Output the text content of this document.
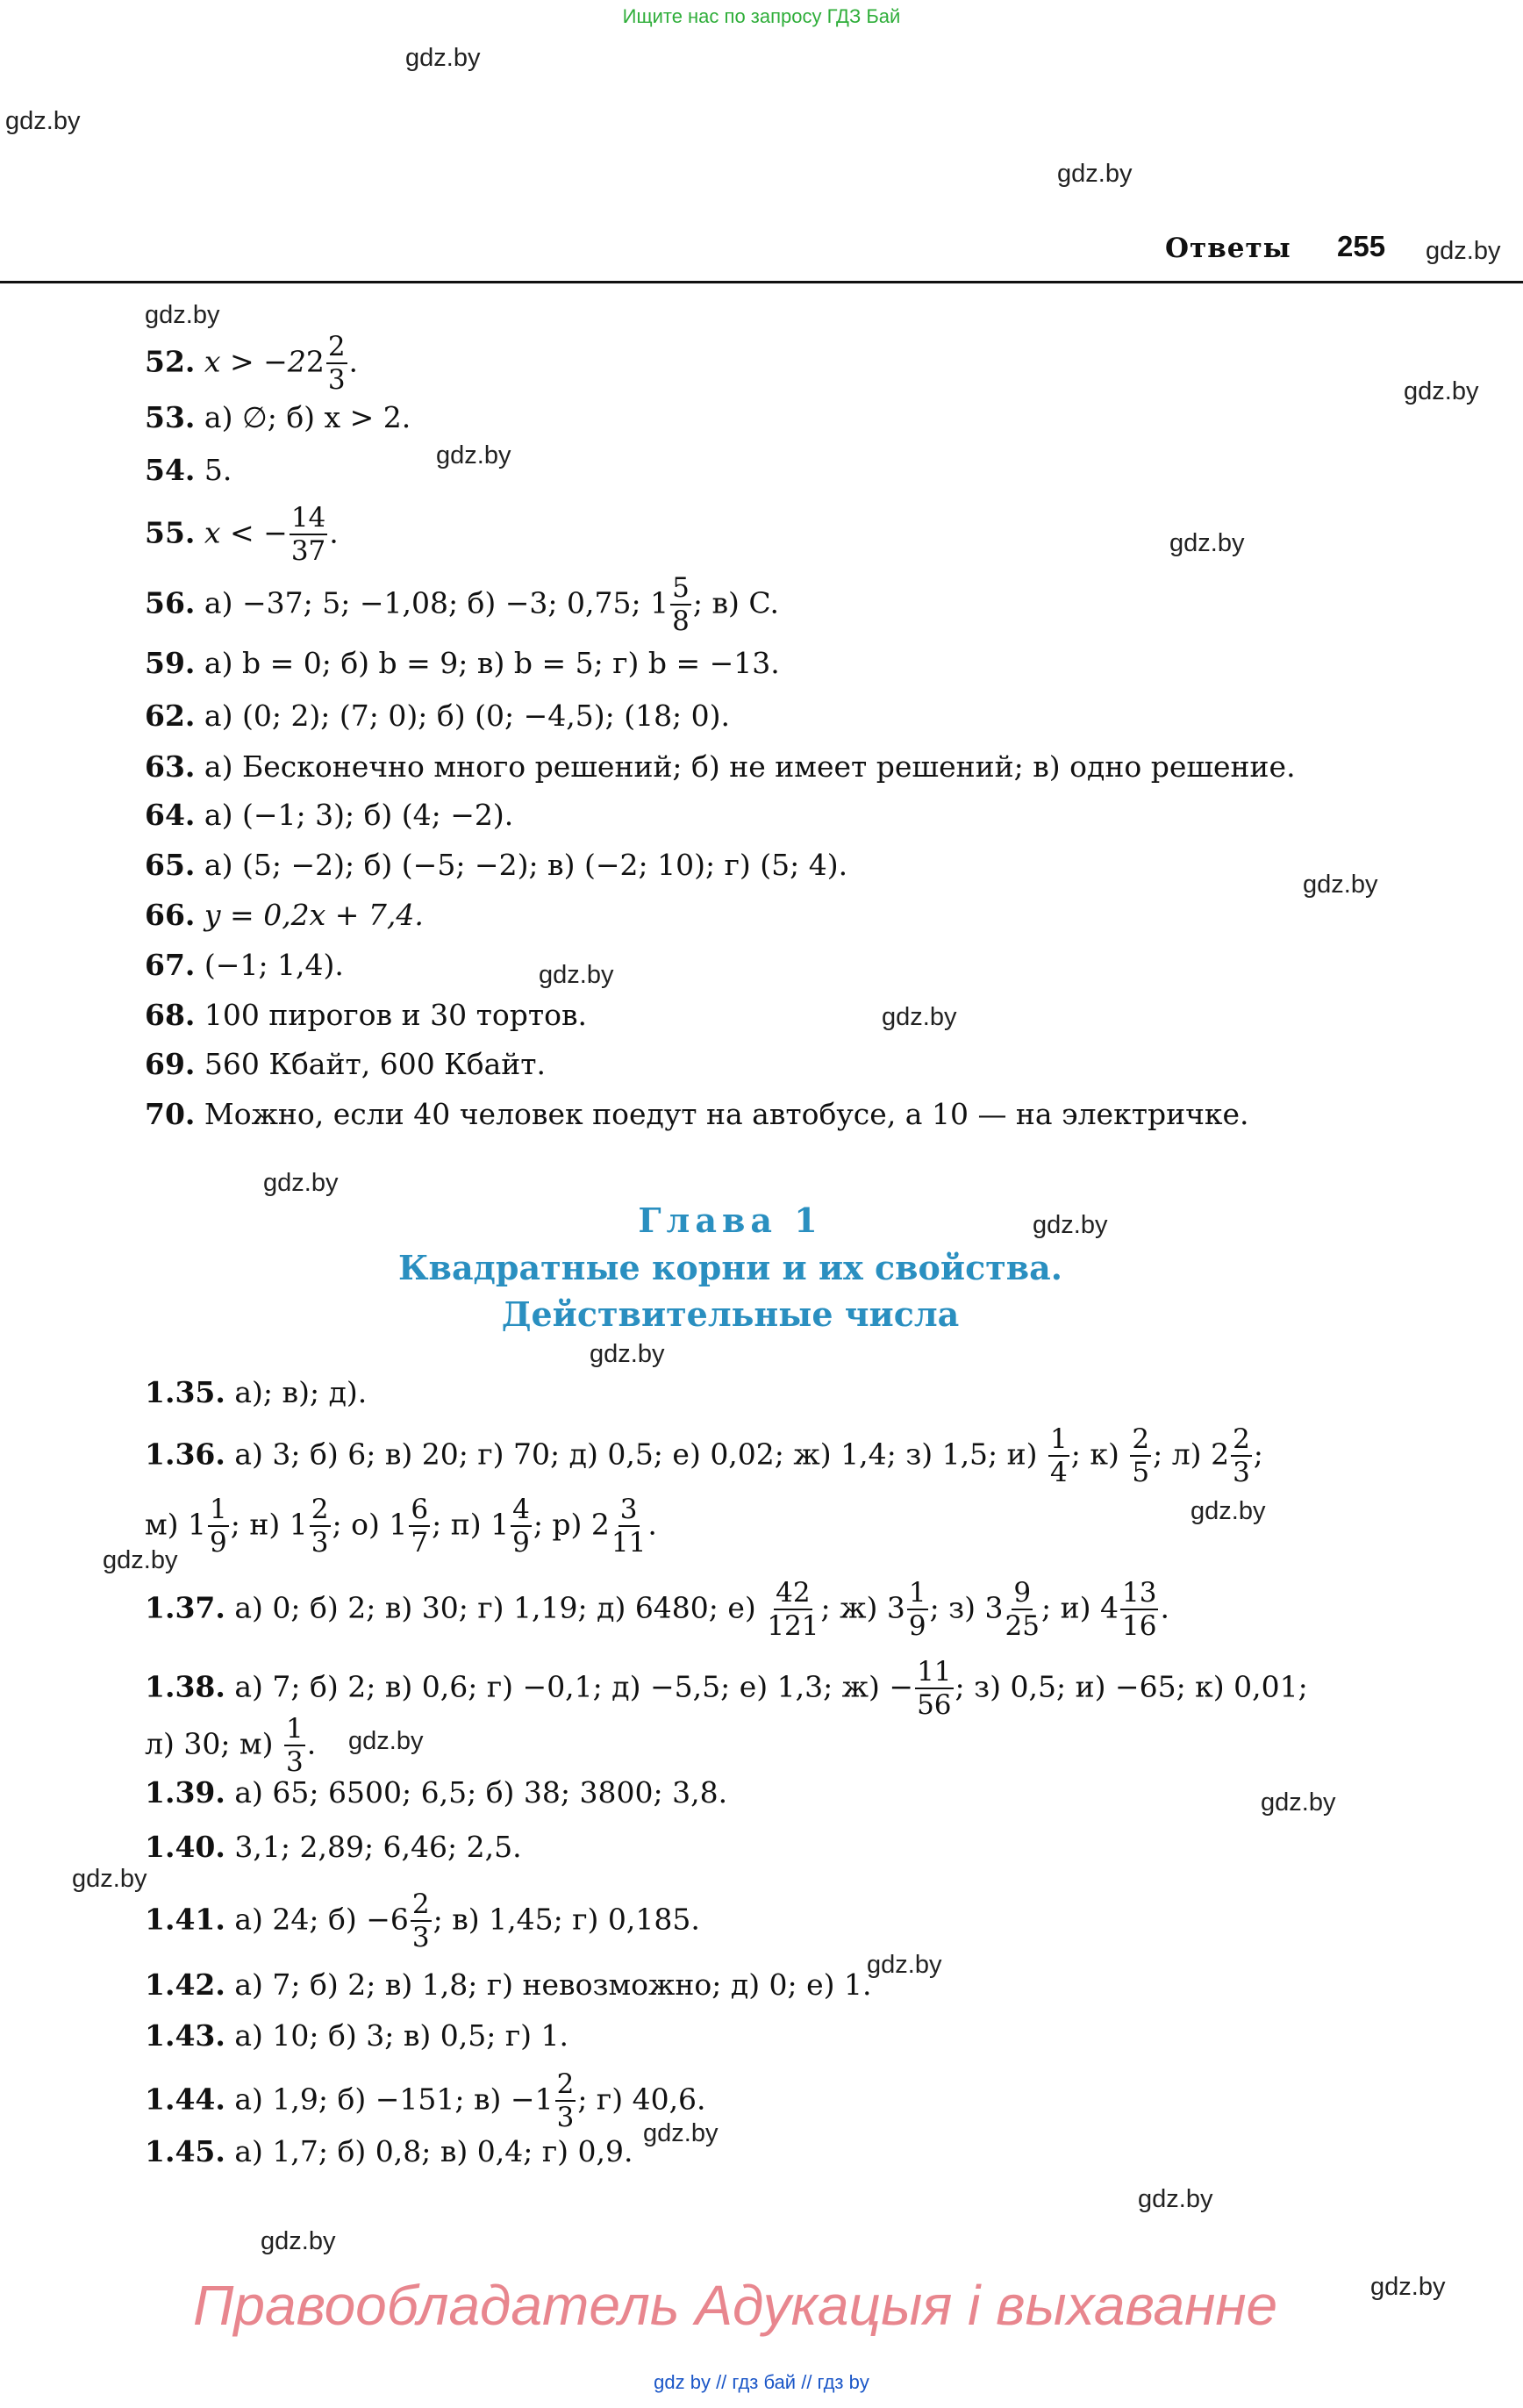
Ищите нас по запросу ГДЗ Бай
Ответы 255
52. $x > -22 \frac{2}{3}$ .
53. а) ∅; б) x > 2.
54. 5.
55. x < − $\frac{14}{37}$ .
56. а) −37; 5; −1,08; б) −3; 0,75; $1 \frac{5}{8}$ ; в) C.
59. а) b = 0; б) b = 9; в) b = 5; г) b = −13.
62. а) (0; 2); (7; 0); б) (0; −4,5); (18; 0).
63. а) Бесконечно много решений; б) не имеет решений; в) одно решение.
64. а) (−1; 3); б) (4; −2).
65. а) (5; −2); б) (−5; −2); в) (−2; 10); г) (5; 4).
66. y = 0,2x + 7,4.
67. (−1; 1,4).
68. 100 пирогов и 30 тортов.
69. 560 Кбайт, 600 Кбайт.
70. Можно, если 40 человек поедут на автобусе, а 10 — на электричке.
Глава 1
Квадратные корни и их свойства.
Действительные числа
1.35. а); в); д).
1.36. а) 3; б) 6; в) 20; г) 70; д) 0,5; е) 0,02; ж) 1,4; з) 1,5; $и) \frac{1}{4}$ ; $к) \frac{2}{5}$ ; л) $2 \frac{2}{3}$ ;
м) $1 \frac{1}{9}$ ; н) $1 \frac{2}{3}$ ; о) $1 \frac{6}{7}$ ; п) $1 \frac{4}{9}$ ; р) $2 \frac{3}{11}$ .
1.37. а) 0; б) 2; в) 30; г) 1,19; д) 6480; $е) \frac{42}{121}$ ; ж) $3 \frac{1}{9}$ ; з) $3 \frac{9}{25}$ ; и) $4 \frac{13}{16}$ .
1.38. а) 7; б) 2; в) 0,6; г) −0,1; д) −5,5; е) 1,3; $ж) - \frac{11}{56}$ ; з) 0,5; и) −65; к) 0,01;
л) 30; $м) \frac{1}{3}$ .
1.39. а) 65; 6500; 6,5; б) 38; 3800; 3,8.
1.40. 3,1; 2,89; 6,46; 2,5.
1.41. а) 24; $б) -6 \frac{2}{3}$ ; в) 1,45; г) 0,185.
1.42. а) 7; б) 2; в) 1,8; г) невозможно; д) 0; е) 1.
1.43. а) 10; б) 3; в) 0,5; г) 1.
1.44. а) 1,9; б) −151; $в) -1 \frac{2}{3}$ ; г) 40,6.
1.45. а) 1,7; б) 0,8; в) 0,4; г) 0,9.
gdz.by
gdz.by
gdz.by
gdz.by
gdz.by
gdz.by
gdz.by
gdz.by
gdz.by
gdz.by
gdz.by
gdz.by
gdz.by
gdz.by
gdz.by
gdz.by
gdz.by
gdz.by
gdz.by
gdz.by
gdz.by
gdz.by
gdz.by
gdz.by
Правообладатель Адукацыя і выхаванне
gdz by // гдз бай // гдз by
